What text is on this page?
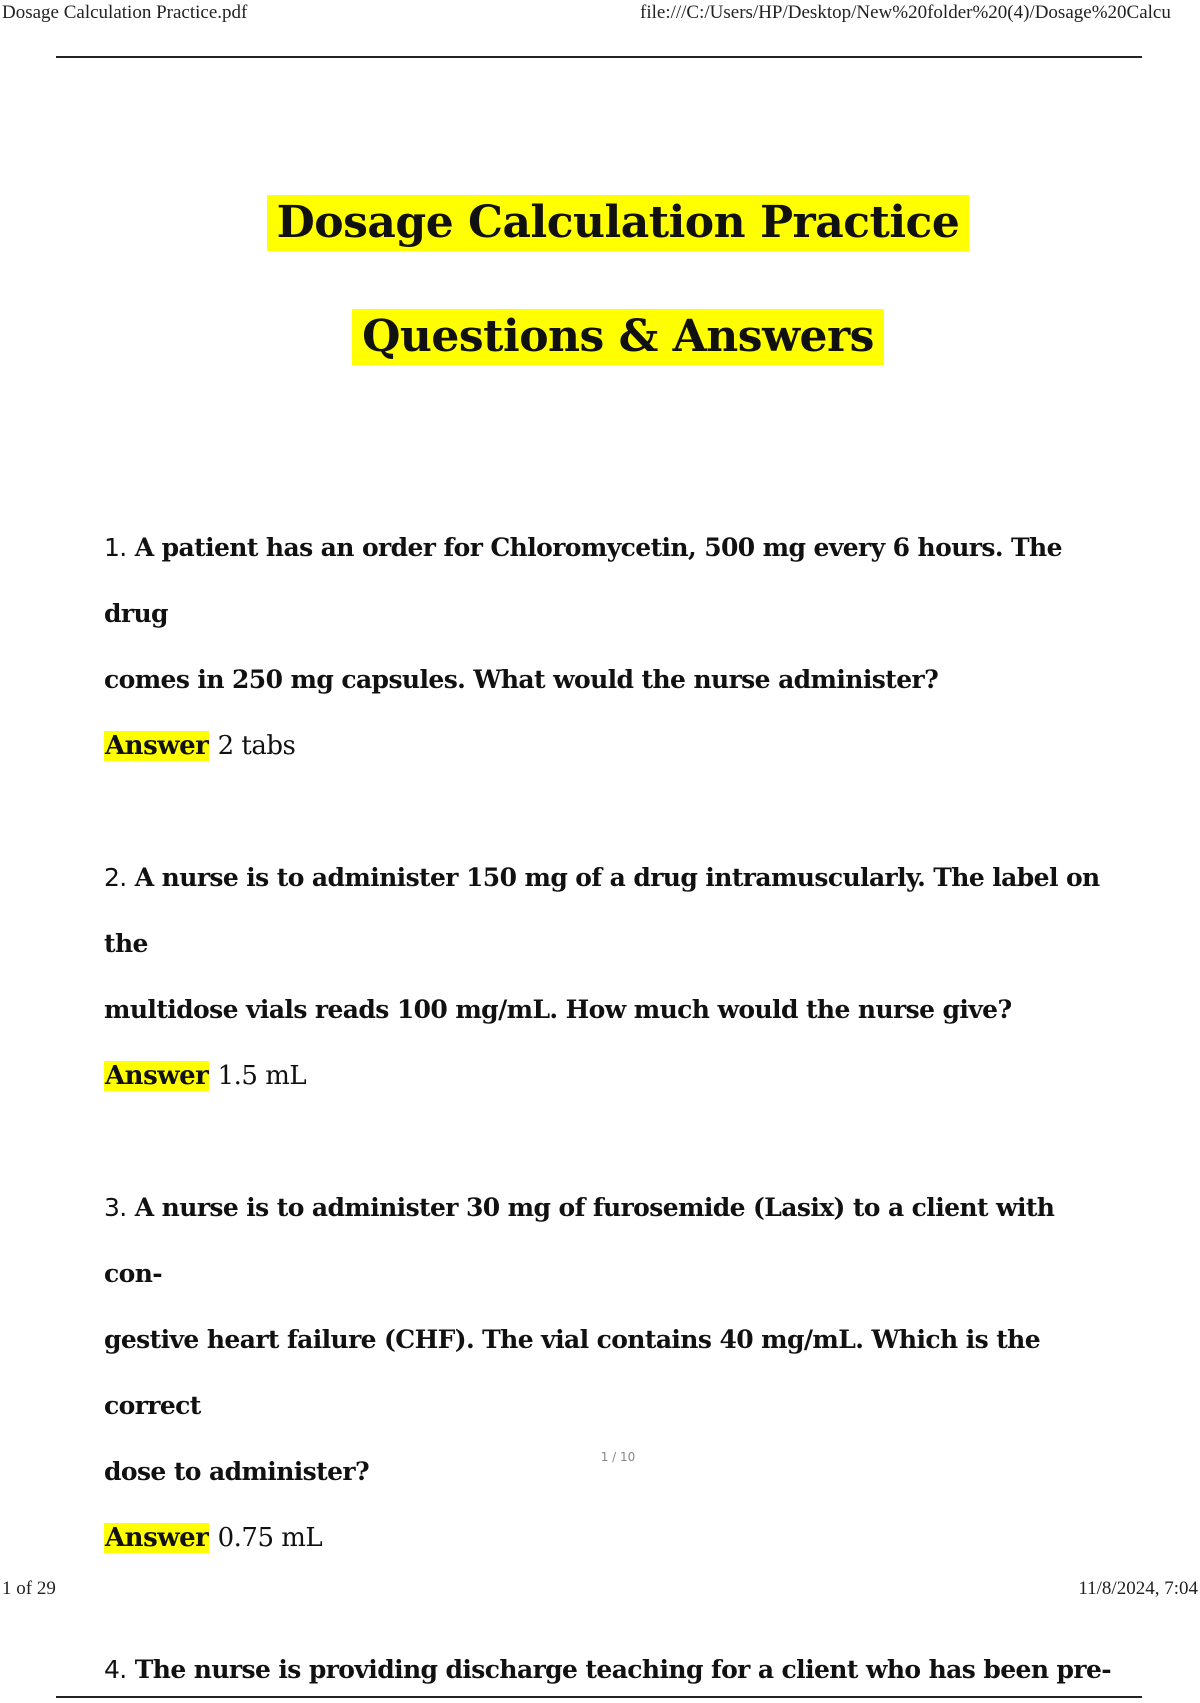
Dosage Calculation Practice.pdf	file:///C:/Users/HP/Desktop/New%20folder%20(4)/Dosage%20Calcu
Dosage Calculation Practice
Questions & Answers

1. A patient has an order for Chloromycetin, 500 mg every 6 hours. The drug

comes in 250 mg capsules. What would the nurse administer?

Answer 2 tabs

2. A nurse is to administer 150 mg of a drug intramuscularly. The label on the

multidose vials reads 100 mg/mL. How much would the nurse give?

Answer 1.5 mL

3. A nurse is to administer 30 mg of furosemide (Lasix) to a client with con-

gestive heart failure (CHF). The vial contains 40 mg/mL. Which is the correct

dose to administer?

Answer 0.75 mL

4. The nurse is providing discharge teaching for a client who has been pre-

1 / 10
1 of 29	11/8/2024, 7:04
